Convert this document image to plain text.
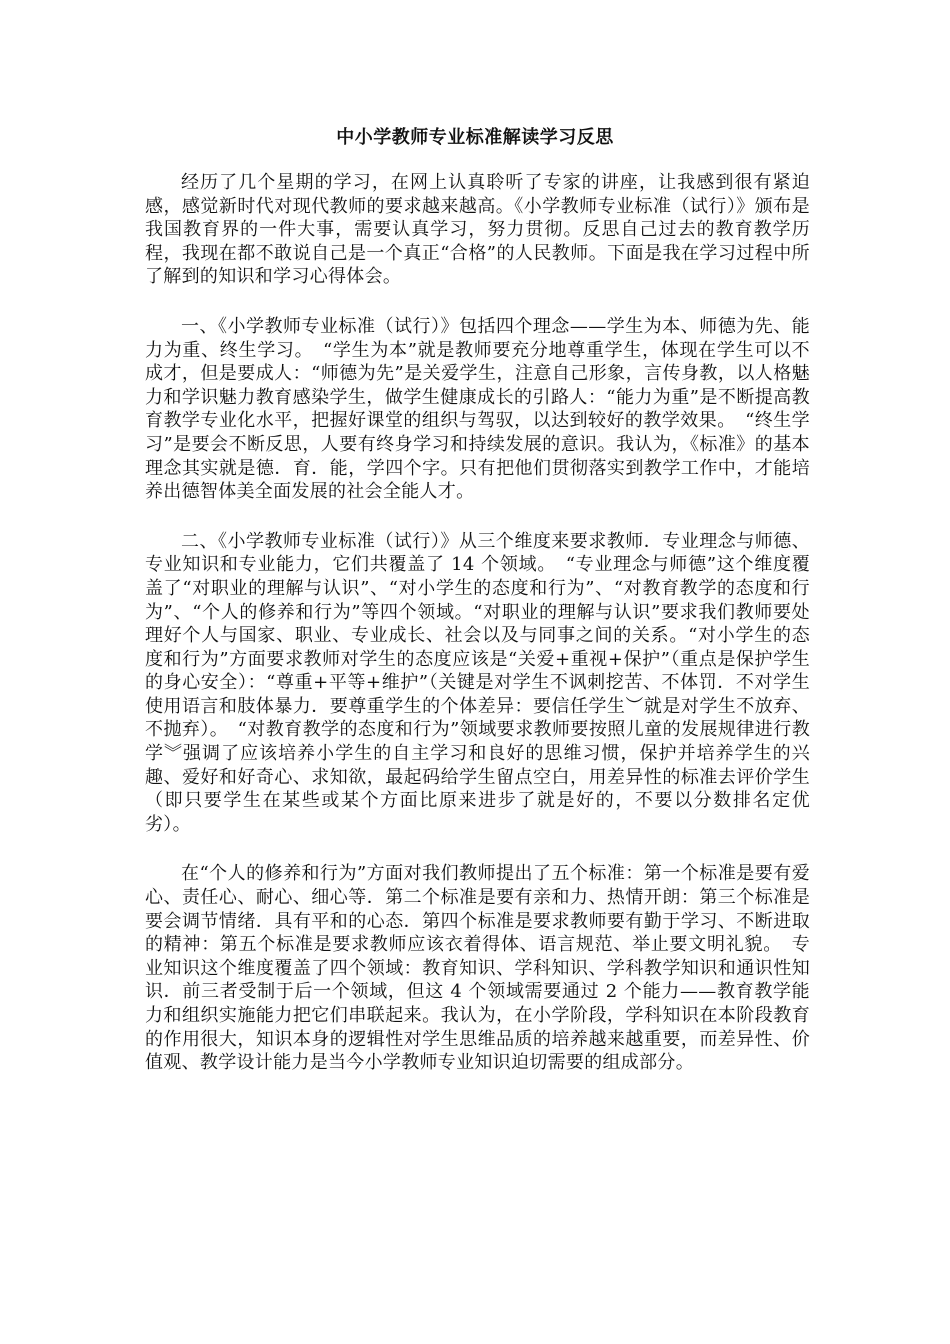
中小学教师专业标准解读学习反思

经历了几个星期的学习，在网上认真聆听了专家的讲座，让我感到很有紧迫感，感觉新时代对现代教师的要求越来越高。《小学教师专业标准（试行）》颁布是我国教育界的一件大事，需要认真学习，努力贯彻。反思自己过去的教育教学历程，我现在都不敢说自己是一个真正“合格”的人民教师。下面是我在学习过程中所了解到的知识和学习心得体会。

一、《小学教师专业标准（试行）》包括四个理念——学生为本、师德为先、能力为重、终生学习。　“学生为本”就是教师要充分地尊重学生，体现在学生可以不成才，但是要成人：“师德为先”是关爱学生，注意自己形象，言传身教，以人格魅力和学识魅力教育感染学生，做学生健康成长的引路人：“能力为重”是不断提高教育教学专业化水平，把握好课堂的组织与驾驭，以达到较好的教学效果。　“终生学习”是要会不断反思，人要有终身学习和持续发展的意识。我认为，《标准》的基本理念其实就是德．育．能，学四个字。只有把他们贯彻落实到教学工作中，才能培养出德智体美全面发展的社会全能人才。

二、《小学教师专业标准（试行）》从三个维度来要求教师．专业理念与师德、专业知识和专业能力，它们共覆盖了 14 个领域。　“专业理念与师德”这个维度覆盖了“对职业的理解与认识”、“对小学生的态度和行为”、“对教育教学的态度和行为”、“个人的修养和行为”等四个领域。“对职业的理解与认识”要求我们教师要处理好个人与国家、职业、专业成长、社会以及与同事之间的关系。“对小学生的态度和行为”方面要求教师对学生的态度应该是“关爱+重视+保护”（重点是保护学生的身心安全）：“尊重+平等+维护”（关键是对学生不讽刺挖苦、不体罚．不对学生使用语言和肢体暴力．要尊重学生的个体差异：要信任学生︶就是对学生不放弃、不抛弃）。　“对教育教学的态度和行为”领域要求教师要按照儿童的发展规律进行教学︾强调了应该培养小学生的自主学习和良好的思维习惯，保护并培养学生的兴趣、爱好和好奇心、求知欲，最起码给学生留点空白，用差异性的标准去评价学生（即只要学生在某些或某个方面比原来进步了就是好的，不要以分数排名定优劣）。

在“个人的修养和行为”方面对我们教师提出了五个标准：第一个标准是要有爱心、责任心、耐心、细心等．第二个标准是要有亲和力、热情开朗：第三个标准是要会调节情绪．具有平和的心态．第四个标准是要求教师要有勤于学习、不断进取的精神：第五个标准是要求教师应该衣着得体、语言规范、举止要文明礼貌。　专业知识这个维度覆盖了四个领域：教育知识、学科知识、学科教学知识和通识性知识．前三者受制于后一个领域，但这 4 个领域需要通过 2 个能力——教育教学能力和组织实施能力把它们串联起来。我认为，在小学阶段，学科知识在本阶段教育的作用很大，知识本身的逻辑性对学生思维品质的培养越来越重要，而差异性、价值观、教学设计能力是当今小学教师专业知识迫切需要的组成部分。
